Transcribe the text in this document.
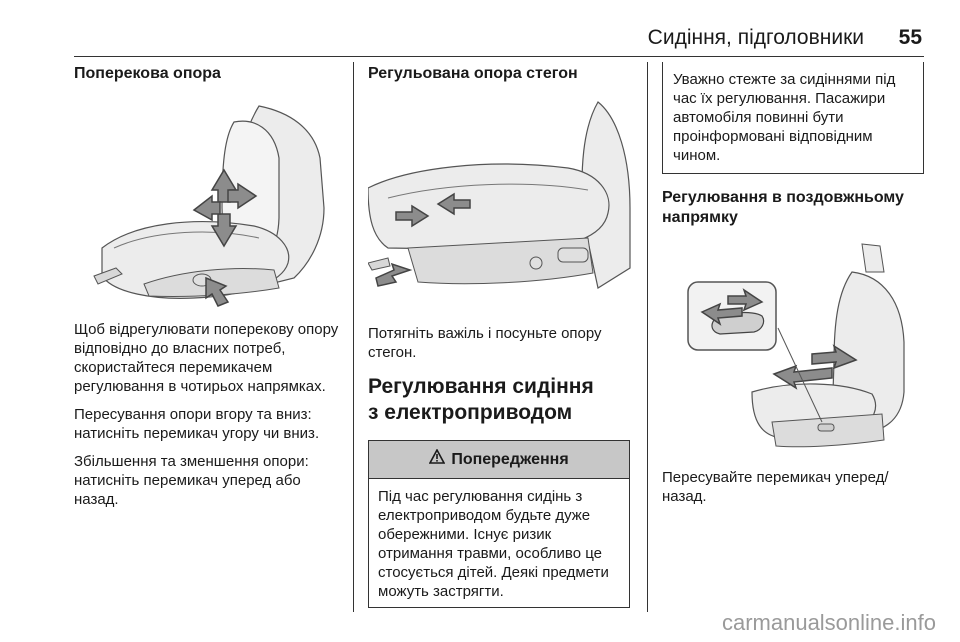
Сидіння, підголовники 55
Поперекова опора

Щоб відрегулювати поперекову опору відповідно до власних потреб, скористайтеся перемикачем регулювання в чотирьох напрямках.

Пересування опори вгору та вниз: натисніть перемикач угору чи вниз.

Збільшення та зменшення опори: натисніть перемикач уперед або назад.

Регульована опора стегон

Потягніть важіль і посуньте опору стегон.

Регулювання сидіння з електроприводом
Попередження
Під час регулювання сидінь з електроприводом будьте дуже обережними. Існує ризик отримання травми, особливо це стосується дітей. Деякі предмети можуть застрягти.
Уважно стежте за сидіннями під час їх регулювання. Пасажири автомобіля повинні бути проінформовані відповідним чином.
Регулювання в поздовжньому напрямку

Пересувайте перемикач уперед/ назад.

carmanualsonline.info
